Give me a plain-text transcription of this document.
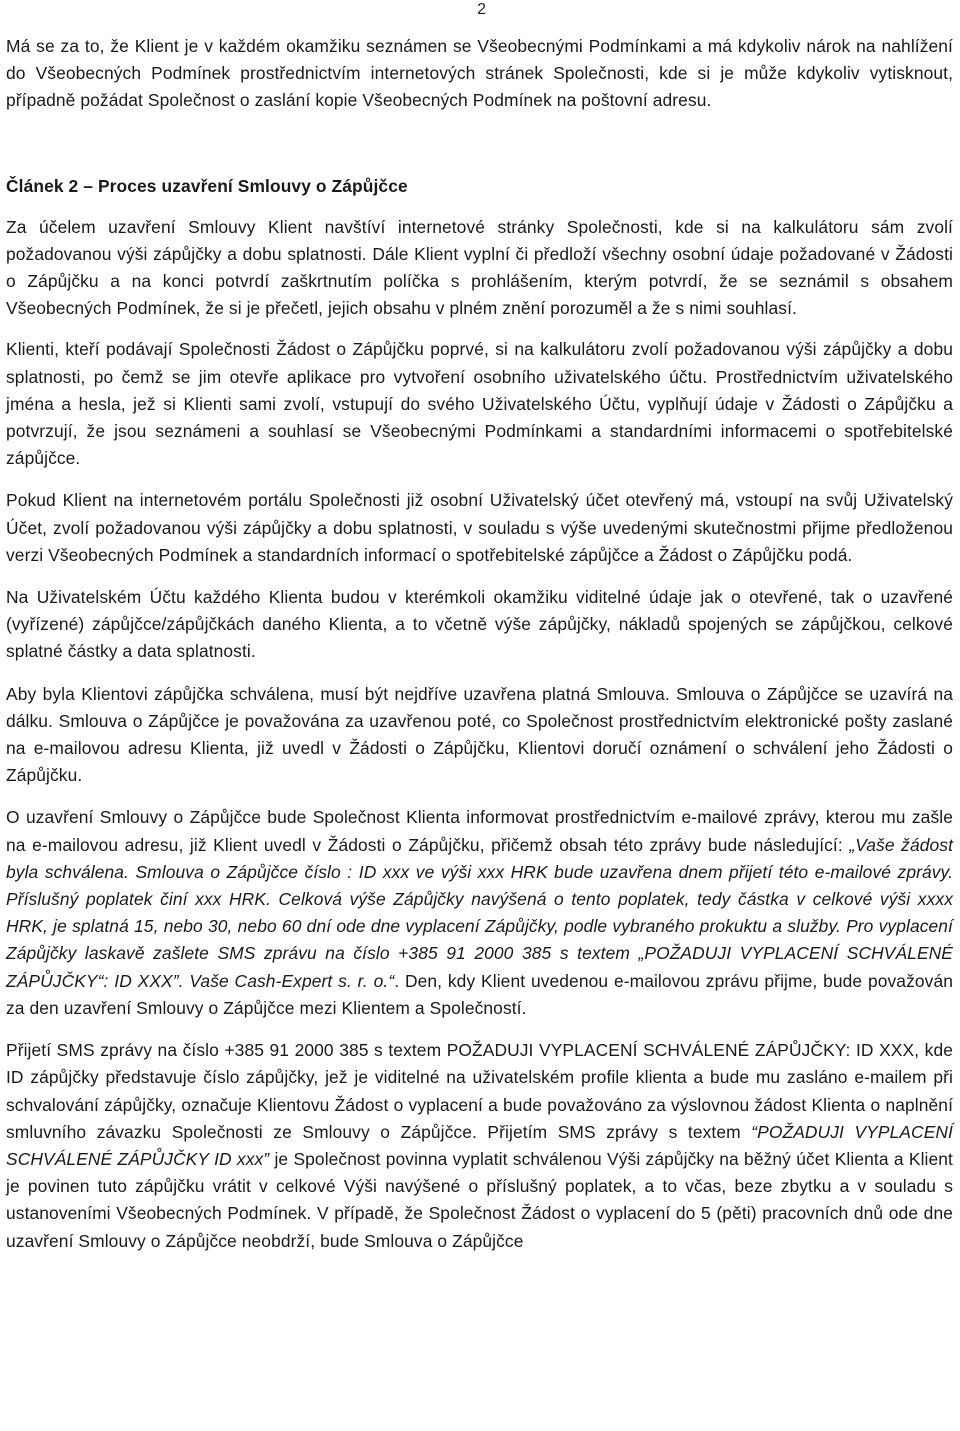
2

Má se za to, že Klient je v každém okamžiku seznámen se Všeobecnými Podmínkami a má kdykoliv nárok na nahlížení do Všeobecných Podmínek prostřednictvím internetových stránek Společnosti, kde si je může kdykoliv vytisknout, případně požádat Společnost o zaslání kopie Všeobecných Podmínek na poštovní adresu.

Článek 2 – Proces uzavření Smlouvy o Zápůjčce

Za účelem uzavření Smlouvy Klient navštíví internetové stránky Společnosti, kde si na kalkulátoru sám zvolí požadovanou výši zápůjčky a dobu splatnosti. Dále Klient vyplní či předloží všechny osobní údaje požadované v Žádosti o Zápůjčku a na konci potvrdí zaškrtnutím políčka s prohlášením, kterým potvrdí, že se seznámil s obsahem Všeobecných Podmínek, že si je přečetl, jejich obsahu v plném znění porozuměl a že s nimi souhlasí.

Klienti, kteří podávají Společnosti Žádost o Zápůjčku poprvé, si na kalkulátoru zvolí požadovanou výši zápůjčky a dobu splatnosti, po čemž se jim otevře aplikace pro vytvoření osobního uživatelského účtu. Prostřednictvím uživatelského jména a hesla, jež si Klienti sami zvolí, vstupují do svého Uživatelského Účtu, vyplňují údaje v Žádosti o Zápůjčku a potvrzují, že jsou seznámeni a souhlasí se Všeobecnými Podmínkami a standardními informacemi o spotřebitelské zápůjčce.

Pokud Klient na internetovém portálu Společnosti již osobní Uživatelský účet otevřený má, vstoupí na svůj Uživatelský Účet, zvolí požadovanou výši zápůjčky a dobu splatnosti, v souladu s výše uvedenými skutečnostmi přijme předloženou verzi Všeobecných Podmínek a standardních informací o spotřebitelské zápůjčce a Žádost o Zápůjčku podá.

Na Uživatelském Účtu každého Klienta budou v kterémkoli okamžiku viditelné údaje jak o otevřené, tak o uzavřené (vyřízené) zápůjčce/zápůjčkách daného Klienta, a to včetně výše zápůjčky, nákladů spojených se zápůjčkou, celkové splatné částky a data splatnosti.

Aby byla Klientovi zápůjčka schválena, musí být nejdříve uzavřena platná Smlouva. Smlouva o Zápůjčce se uzavírá na dálku. Smlouva o Zápůjčce je považována za uzavřenou poté, co Společnost prostřednictvím elektronické pošty zaslané na e-mailovou adresu Klienta, již uvedl v Žádosti o Zápůjčku, Klientovi doručí oznámení o schválení jeho Žádosti o Zápůjčku.

O uzavření Smlouvy o Zápůjčce bude Společnost Klienta informovat prostřednictvím e-mailové zprávy, kterou mu zašle na e-mailovou adresu, již Klient uvedl v Žádosti o Zápůjčku, přičemž obsah této zprávy bude následující: „Vaše žádost byla schválena. Smlouva o Zápůjčce číslo : ID xxx ve výši xxx HRK bude uzavřena dnem přijetí této e-mailové zprávy. Příslušný poplatek činí xxx HRK. Celková výše Zápůjčky navýšená o tento poplatek, tedy částka v celkové výši xxxx HRK, je splatná 15, nebo 30, nebo 60 dní ode dne vyplacení Zápůjčky, podle vybraného prokuktu a služby. Pro vyplacení Zápůjčky laskavě zašlete SMS zprávu na číslo +385 91 2000 385 s textem „POŽADUJI VYPLACENÍ SCHVÁLENÉ ZÁPŮJČKY“: ID XXX”. Vaše Cash-Expert s. r. o.“. Den, kdy Klient uvedenou e-mailovou zprávu přijme, bude považován za den uzavření Smlouvy o Zápůjčce mezi Klientem a Společností.

Přijetí SMS zprávy na číslo +385 91 2000 385 s textem POŽADUJI VYPLACENÍ SCHVÁLENÉ ZÁPŮJČKY: ID XXX, kde ID zápůjčky představuje číslo zápůjčky, jež je viditelné na uživatelském profile klienta a bude mu zasláno e-mailem při schvalování zápůjčky, označuje Klientovu Žádost o vyplacení a bude považováno za výslovnou žádost Klienta o naplnění smluvního závazku Společnosti ze Smlouvy o Zápůjčce. Přijetím SMS zprávy s textem “POŽADUJI VYPLACENÍ SCHVÁLENÉ ZÁPŮJČKY ID xxx” je Společnost povinna vyplatit schválenou Výši zápůjčky na běžný účet Klienta a Klient je povinen tuto zápůjčku vrátit v celkové Výši navýšené o příslušný poplatek, a to včas, beze zbytku a v souladu s ustanoveními Všeobecných Podmínek. V případě, že Společnost Žádost o vyplacení do 5 (pěti) pracovních dnů ode dne uzavření Smlouvy o Zápůjčce neobdrží, bude Smlouva o Zápůjčce
